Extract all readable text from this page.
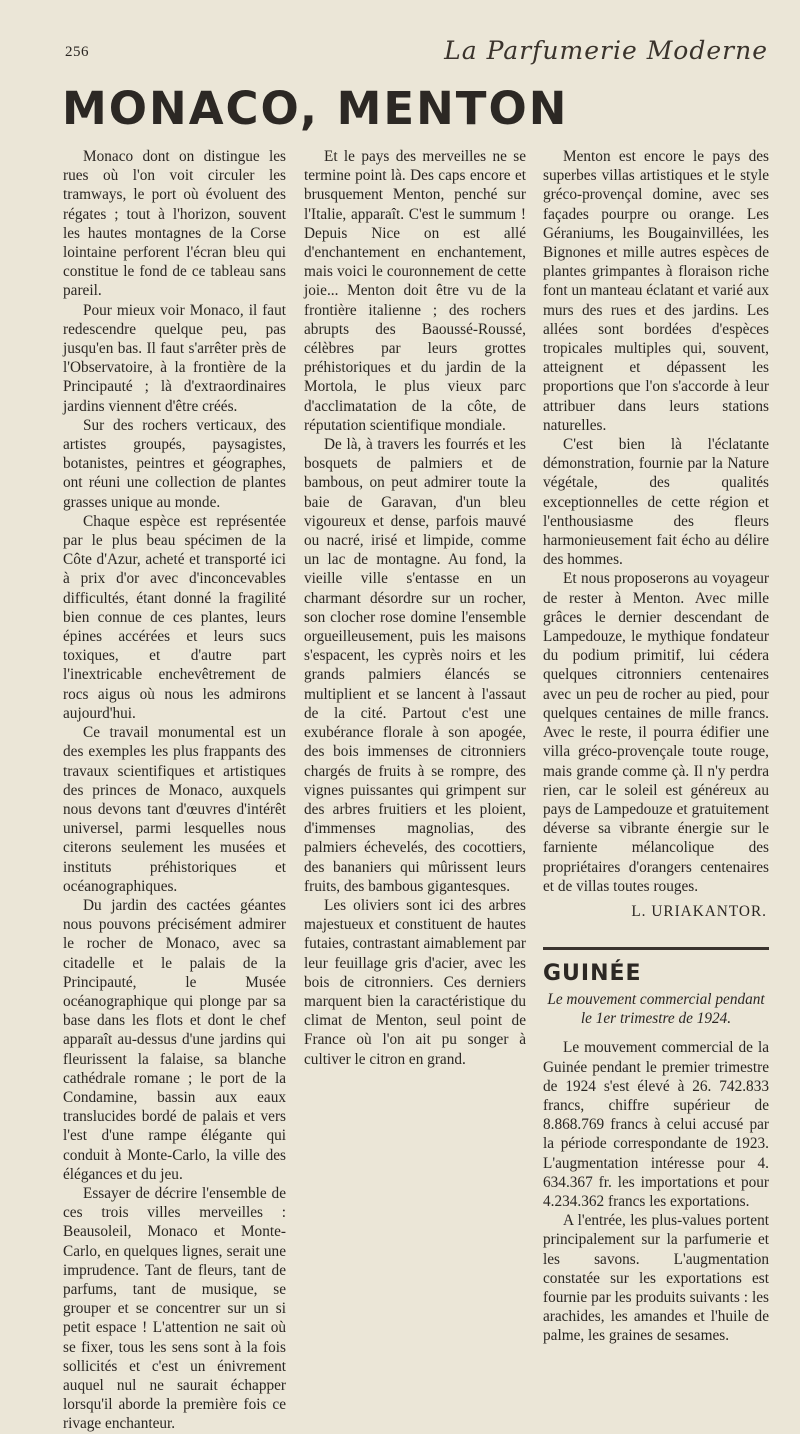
256	La Parfumerie Moderne
MONACO, MENTON

Monaco dont on distingue les rues où l'on voit circuler les tramways, le port où évoluent des régates ; tout à l'horizon, souvent les hautes montagnes de la Corse lointaine perforent l'écran bleu qui constitue le fond de ce tableau sans pareil.

Pour mieux voir Monaco, il faut redescendre quelque peu, pas jusqu'en bas. Il faut s'arrêter près de l'Observatoire, à la frontière de la Principauté ; là d'extraordinaires jardins viennent d'être créés.

Sur des rochers verticaux, des artistes groupés, paysagistes, botanistes, peintres et géographes, ont réuni une collection de plantes grasses unique au monde.

Chaque espèce est représentée par le plus beau spécimen de la Côte d'Azur, acheté et transporté ici à prix d'or avec d'inconcevables difficultés, étant donné la fragilité bien connue de ces plantes, leurs épines accérées et leurs sucs toxiques, et d'autre part l'inextricable enchevêtrement de rocs aigus où nous les admirons aujourd'hui.

Ce travail monumental est un des exemples les plus frappants des travaux scientifiques et artistiques des princes de Monaco, auxquels nous devons tant d'œuvres d'intérêt universel, parmi lesquelles nous citerons seulement les musées et instituts préhistoriques et océanographiques.

Du jardin des cactées géantes nous pouvons précisément admirer le rocher de Monaco, avec sa citadelle et le palais de la Principauté, le Musée océanographique qui plonge par sa base dans les flots et dont le chef apparaît au-dessus d'une jardins qui fleurissent la falaise, sa blanche cathédrale romane ; le port de la Condamine, bassin aux eaux translucides bordé de palais et vers l'est d'une rampe élégante qui conduit à Monte-Carlo, la ville des élégances et du jeu.

Essayer de décrire l'ensemble de ces trois villes merveilles : Beausoleil, Monaco et Monte-Carlo, en quelques lignes, serait une imprudence. Tant de fleurs, tant de parfums, tant de musique, se grouper et se concentrer sur un si petit espace ! L'attention ne sait où se fixer, tous les sens sont à la fois sollicités et c'est un énivrement auquel nul ne saurait échapper lorsqu'il aborde la première fois ce rivage enchanteur.

Et le pays des merveilles ne se termine point là. Des caps encore et brusquement Menton, penché sur l'Italie, apparaît. C'est le summum ! Depuis Nice on est allé d'enchantement en enchantement, mais voici le couronnement de cette joie... Menton doit être vu de la frontière italienne ; des rochers abrupts des Baoussé-Roussé, célèbres par leurs grottes préhistoriques et du jardin de la Mortola, le plus vieux parc d'acclimatation de la côte, de réputation scientifique mondiale.

De là, à travers les fourrés et les bosquets de palmiers et de bambous, on peut admirer toute la baie de Garavan, d'un bleu vigoureux et dense, parfois mauvé ou nacré, irisé et limpide, comme un lac de montagne. Au fond, la vieille ville s'entasse en un charmant désordre sur un rocher, son clocher rose domine l'ensemble orgueilleusement, puis les maisons s'espacent, les cyprès noirs et les grands palmiers élancés se multiplient et se lancent à l'assaut de la cité. Partout c'est une exubérance florale à son apogée, des bois immenses de citronniers chargés de fruits à se rompre, des vignes puissantes qui grimpent sur des arbres fruitiers et les ploient, d'immenses magnolias, des palmiers échevelés, des cocottiers, des bananiers qui mûrissent leurs fruits, des bambous gigantesques.

Les oliviers sont ici des arbres majestueux et constituent de hautes futaies, contrastant aimablement par leur feuillage gris d'acier, avec les bois de citronniers. Ces derniers marquent bien la caractéristique du climat de Menton, seul point de France où l'on ait pu songer à cultiver le citron en grand.

Menton est encore le pays des superbes villas artistiques et le style gréco-provençal domine, avec ses façades pourpre ou orange. Les Géraniums, les Bougainvillées, les Bignones et mille autres espèces de plantes grimpantes à floraison riche font un manteau éclatant et varié aux murs des rues et des jardins. Les allées sont bordées d'espèces tropicales multiples qui, souvent, atteignent et dépassent les proportions que l'on s'accorde à leur attribuer dans leurs stations naturelles.

C'est bien là l'éclatante démonstration, fournie par la Nature végétale, des qualités exceptionnelles de cette région et l'enthousiasme des fleurs harmonieusement fait écho au délire des hommes.

Et nous proposerons au voyageur de rester à Menton. Avec mille grâces le dernier descendant de Lampedouze, le mythique fondateur du podium primitif, lui cédera quelques citronniers centenaires avec un peu de rocher au pied, pour quelques centaines de mille francs. Avec le reste, il pourra édifier une villa gréco-provençale toute rouge, mais grande comme çà. Il n'y perdra rien, car le soleil est généreux au pays de Lampedouze et gratuitement déverse sa vibrante énergie sur le farniente mélancolique des propriétaires d'orangers centenaires et de villas toutes rouges.

L. URIAKANTOR.
GUINÉE
Le mouvement commercial pendant
le 1er trimestre de 1924.

Le mouvement commercial de la Guinée pendant le premier trimestre de 1924 s'est élevé à 26. 742.833 francs, chiffre supérieur de 8.868.769 francs à celui accusé par la période correspondante de 1923. L'augmentation intéresse pour 4. 634.367 fr. les importations et pour 4.234.362 francs les exportations.

A l'entrée, les plus-values portent principalement sur la parfumerie et les savons. L'augmentation constatée sur les exportations est fournie par les produits suivants : les arachides, les amandes et l'huile de palme, les graines de sesames.
